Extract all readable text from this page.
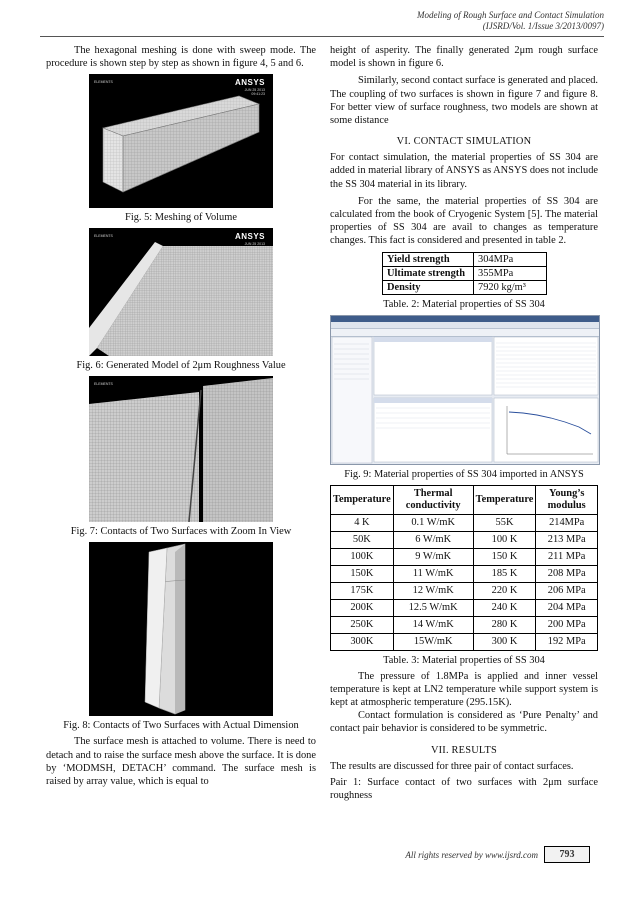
Modeling of Rough Surface and Contact Simulation
(IJSRD/Vol. 1/Issue 3/2013/0097)

The hexagonal meshing is done with sweep mode. The procedure is shown step by step as shown in figure 4, 5 and 6.

ELEMENTS	ANSYS
JUN 25 2013
09:41:23
Fig. 5: Meshing of Volume
ELEMENTS	ANSYS
JUN 25 2013
Fig. 6: Generated Model of 2μm Roughness Value
ELEMENTS
Fig. 7: Contacts of Two Surfaces with Zoom In View
Fig. 8: Contacts of Two Surfaces with Actual Dimension

The surface mesh is attached to volume. There is need to detach and to raise the surface mesh above the surface. It is done by ‘MODMSH, DETACH’ command. The surface mesh is raised by array value, which is equal to

height of asperity. The finally generated 2μm rough surface model is shown in figure 6.

Similarly, second contact surface is generated and placed. The coupling of two surfaces is shown in figure 7 and figure 8. For better view of surface roughness, two models are shown at some distance

VI. CONTACT SIMULATION

For contact simulation, the material properties of SS 304 are added in material library of ANSYS as ANSYS does not include the SS 304 material in its library.

For the same, the material properties of SS 304 are calculated from the book of Cryogenic System [5]. The material properties of SS 304 are avail to changes as temperature changes. This fact is considered and presented in table 2.

Yield strength	304MPa
Ultimate strength	355MPa
Density	7920 kg/m³
Table. 2: Material properties of SS 304
Fig. 9: Material properties of SS 304 imported in ANSYS
Temperature	Thermal conductivity	Temperature	Young’s modulus
4 K	0.1 W/mK	55K	214MPa
50K	6 W/mK	100 K	213 MPa
100K	9 W/mK	150 K	211 MPa
150K	11 W/mK	185 K	208 MPa
175K	12 W/mK	220 K	206 MPa
200K	12.5 W/mK	240 K	204 MPa
250K	14 W/mK	280 K	200 MPa
300K	15W/mK	300 K	192 MPa
Table. 3: Material properties of SS 304

The pressure of 1.8MPa is applied and inner vessel temperature is kept at LN2 temperature while support system is kept at atmospheric temperature (295.15K).

Contact formulation is considered as ‘Pure Penalty’ and contact pair behavior is considered to be symmetric.

VII. RESULTS

The results are discussed for three pair of contact surfaces.

Pair 1: Surface contact of two surfaces with 2μm surface roughness

All rights reserved by www.ijsrd.com 793
